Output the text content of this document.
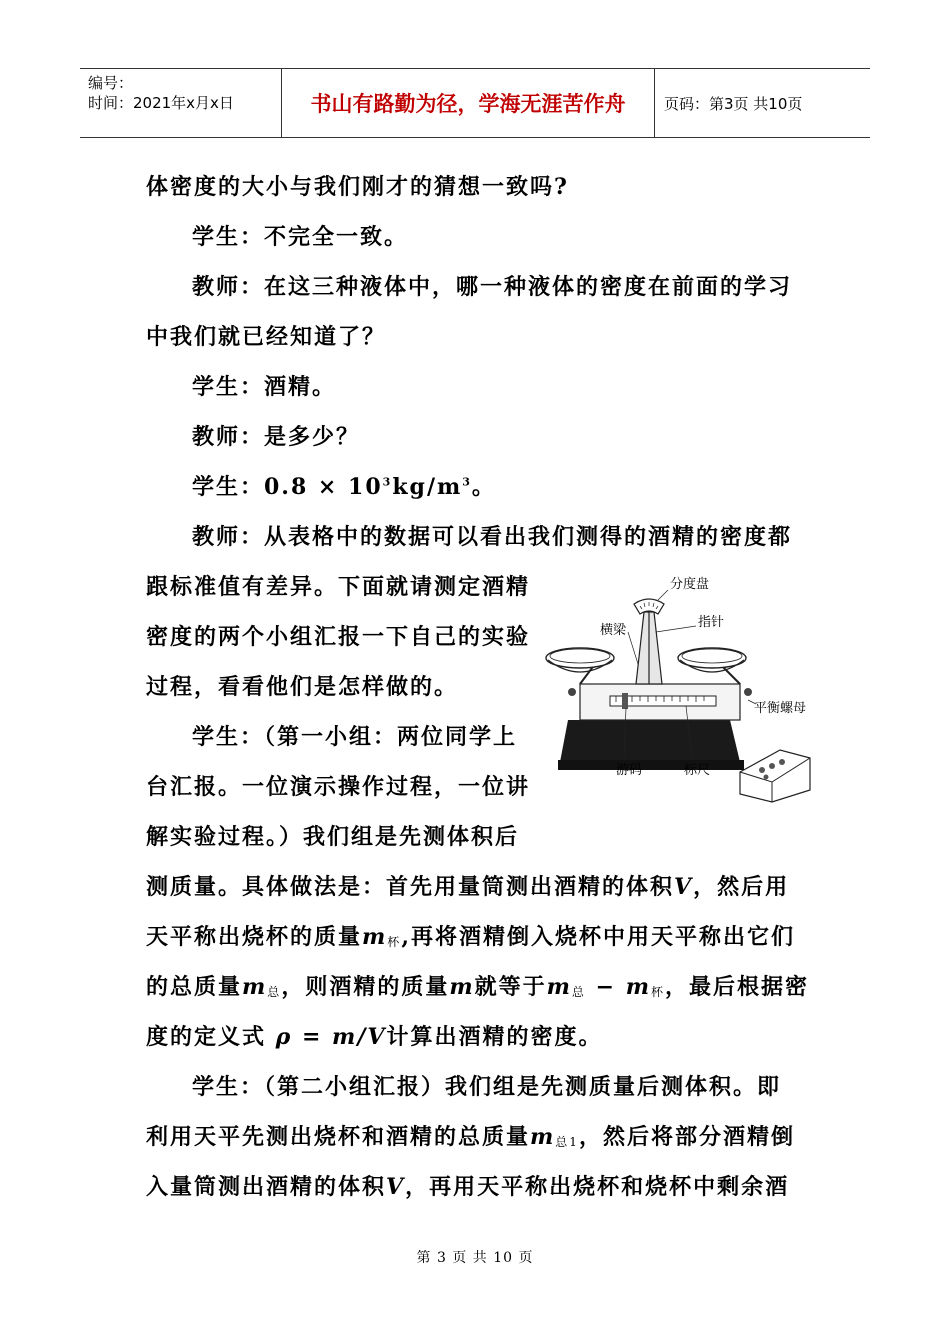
编号：
时间：2021年x月x日	书山有路勤为径，学海无涯苦作舟	页码：第3页 共10页
体密度的大小与我们刚才的猜想一致吗?
学生：不完全一致。
教师：在这三种液体中，哪一种液体的密度在前面的学习
中我们就已经知道了？
学生：酒精。
教师：是多少？
学生：$0.8 \times 10^3kg/m^3$。
教师：从表格中的数据可以看出我们测得的酒精的密度都
跟标准值有差异。下面就请测定酒精
密度的两个小组汇报一下自己的实验
过程，看看他们是怎样做的。
学生：（第一小组：两位同学上
台汇报。一位演示操作过程，一位讲
解实验过程。）我们组是先测体积后
测质量。具体做法是：首先用量筒测出酒精的体积V，然后用
天平称出烧杯的质量$m_杯$,再将酒精倒入烧杯中用天平称出它们
的总质量$m_总$，则酒精的质量m就等于$m_总 - m_杯$，最后根据密
度的定义式 ρ = m/V计算出酒精的密度。
学生：（第二小组汇报）我们组是先测质量后测体积。即
利用天平先测出烧杯和酒精的总质量$m_{总1}$，然后将部分酒精倒
入量筒测出酒精的体积V，再用天平称出烧杯和烧杯中剩余酒
分度盘
指针
横梁
平衡螺母
游码	标尺
第 3 页 共 10 页
